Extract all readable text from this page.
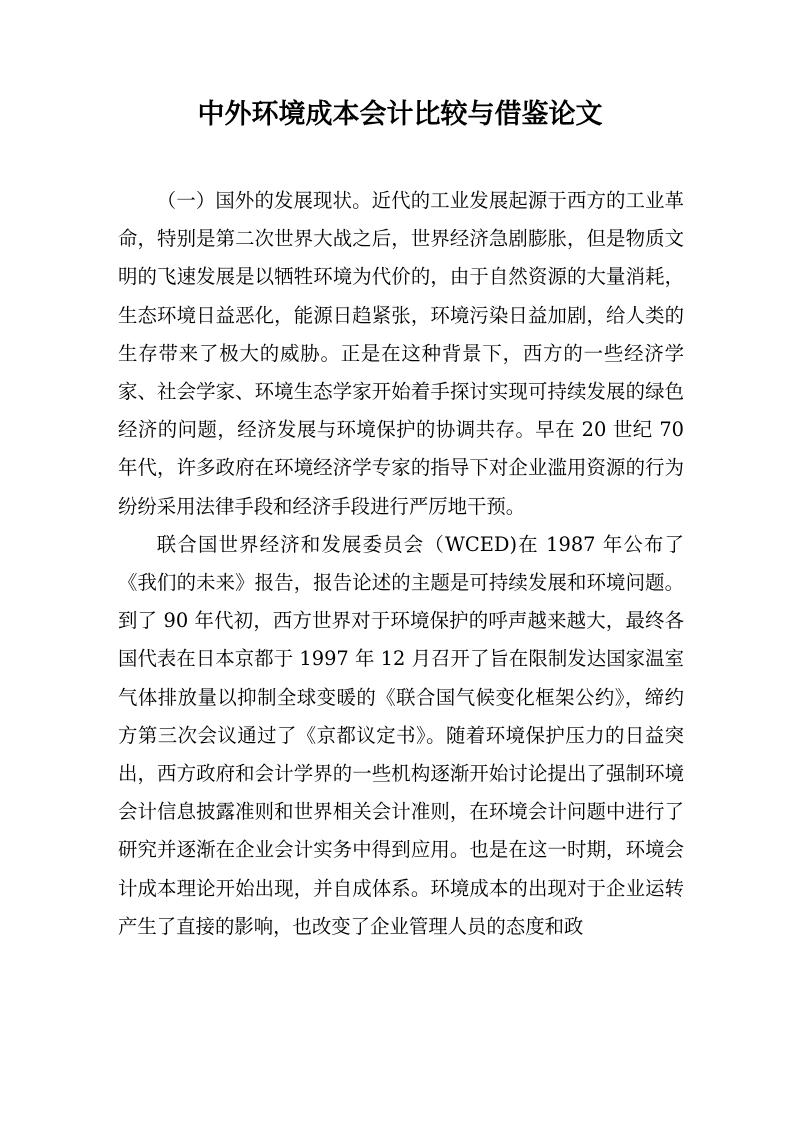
中外环境成本会计比较与借鉴论文

（一）国外的发展现状。近代的工业发展起源于西方的工业革命，特别是第二次世界大战之后，世界经济急剧膨胀，但是物质文明的飞速发展是以牺牲环境为代价的，由于自然资源的大量消耗，生态环境日益恶化，能源日趋紧张，环境污染日益加剧，给人类的生存带来了极大的威胁。正是在这种背景下，西方的一些经济学家、社会学家、环境生态学家开始着手探讨实现可持续发展的绿色经济的问题，经济发展与环境保护的协调共存。早在 20 世纪 70 年代，许多政府在环境经济学专家的指导下对企业滥用资源的行为纷纷采用法律手段和经济手段进行严厉地干预。

联合国世界经济和发展委员会（WCED)在 1987 年公布了《我们的未来》报告，报告论述的主题是可持续发展和环境问题。到了 90 年代初，西方世界对于环境保护的呼声越来越大，最终各国代表在日本京都于 1997 年 12 月召开了旨在限制发达国家温室气体排放量以抑制全球变暖的《联合国气候变化框架公约》，缔约方第三次会议通过了《京都议定书》。随着环境保护压力的日益突出，西方政府和会计学界的一些机构逐渐开始讨论提出了强制环境会计信息披露准则和世界相关会计准则，在环境会计问题中进行了研究并逐渐在企业会计实务中得到应用。也是在这一时期，环境会计成本理论开始出现，并自成体系。环境成本的出现对于企业运转产生了直接的影响，也改变了企业管理人员的态度和政
